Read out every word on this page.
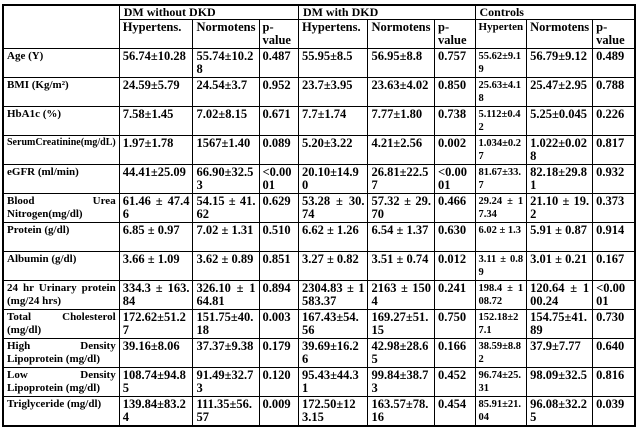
	DM without DKD			DM with DKD			Controls		
	Hypertens.	Normotens	p-value	Hypertens.	Normotens	p-value	Hyperten	Normotens	p-value
Age (Y)	56.74±10.28	55.74±10.28	0.487	55.95±8.5	56.95±8.8	0.757	55.62±9.19	56.79±9.12	0.489
BMI (Kg/m²)	24.59±5.79	24.54±3.7	0.952	23.7±3.95	23.63±4.02	0.850	25.63±4.18	25.47±2.95	0.788
HbA1c (%)	7.58±1.45	7.02±8.15	0.671	7.7±1.74	7.77±1.80	0.738	5.112±0.42	5.25±0.045	0.226
SerumCreatinine(mg/dL)	1.97±1.78	1567±1.40	0.089	5.20±3.22	4.21±2.56	0.002	1.034±0.27	1.022±0.028	0.817
eGFR (ml/min)	44.41±25.09	66.90±32.53	<0.0001	20.10±14.90	26.81±22.57	<0.0001	81.67±33.7	82.18±29.81	0.932
Blood Urea Nitrogen(mg/dl)	61.46 ± 47.46	54.15 ± 41.62	0.629	53.28 ± 30.74	57.32 ± 29.70	0.466	29.24 ± 17.34	21.10 ± 19.2	0.373
Protein (g/dl)	6.85 ± 0.97	7.02 ± 1.31	0.510	6.62 ± 1.26	6.54 ± 1.37	0.630	6.02 ± 1.3	5.91 ± 0.87	0.914
Albumin (g/dl)	3.66 ± 1.09	3.62 ± 0.89	0.851	3.27 ± 0.82	3.51 ± 0.74	0.012	3.11 ± 0.89	3.01 ± 0.21	0.167
24 hr Urinary protein (mg/24 hrs)	334.3 ± 163.84	326.10 ± 164.81	0.894	2304.83 ± 1583.37	2163 ± 1504	0.241	198.4 ± 108.72	120.64 ± 100.24	<0.0001
Total Cholesterol (mg/dl)	172.62±51.27	151.75±40.18	0.003	167.43±54.56	169.27±51.15	0.750	152.18±27.1	154.75±41.89	0.730
High Density Lipoprotein (mg/dl)	39.16±8.06	37.37±9.38	0.179	39.69±16.26	42.98±28.65	0.166	38.59±8.82	37.9±7.77	0.640
Low Density Lipoprotein (mg/dl)	108.74±94.85	91.49±32.73	0.120	95.43±44.31	99.84±38.73	0.452	96.74±25.31	98.09±32.5	0.816
Triglyceride (mg/dl)	139.84±83.24	111.35±56.57	0.009	172.50±123.15	163.57±78.16	0.454	85.91±21.04	96.08±32.25	0.039
